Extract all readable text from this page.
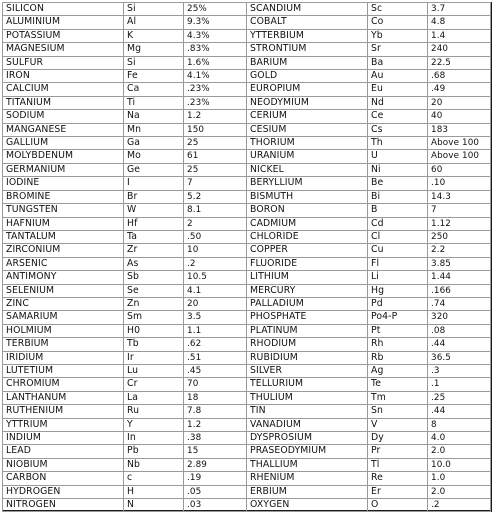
SILICON	Si	25%	SCANDIUM	Sc	3.7
ALUMINIUM	Al	9.3%	COBALT	Co	4.8
POTASSIUM	K	4.3%	YTTERBIUM	Yb	1.4
MAGNESIUM	Mg	.83%	STRONTIUM	Sr	240
SULFUR	Si	1.6%	BARIUM	Ba	22.5
IRON	Fe	4.1%	GOLD	Au	.68
CALCIUM	Ca	.23%	EUROPIUM	Eu	.49
TITANIUM	Ti	.23%	NEODYMIUM	Nd	20
SODIUM	Na	1.2	CERIUM	Ce	40
MANGANESE	Mn	150	CESIUM	Cs	183
GALLIUM	Ga	25	THORIUM	Th	Above 100
MOLYBDENUM	Mo	61	URANIUM	U	Above 100
GERMANIUM	Ge	25	NICKEL	Ni	60
IODINE	I	7	BERYLLIUM	Be	.10
BROMINE	Br	5.2	BISMUTH	Bi	14.3
TUNGSTEN	W	8.1	BORON	B	7
HAFNIUM	Hf	2	CADMIUM	Cd	1.12
TANTALUM	Ta	.50	CHLORIDE	Cl	250
ZIRCONIUM	Zr	10	COPPER	Cu	2.2
ARSENIC	As	.2	FLUORIDE	Fl	3.85
ANTIMONY	Sb	10.5	LITHIUM	Li	1.44
SELENIUM	Se	4.1	MERCURY	Hg	.166
ZINC	Zn	20	PALLADIUM	Pd	.74
SAMARIUM	Sm	3.5	PHOSPHATE	Po4-P	320
HOLMIUM	H0	1.1	PLATINUM	Pt	.08
TERBIUM	Tb	.62	RHODIUM	Rh	.44
IRIDIUM	Ir	.51	RUBIDIUM	Rb	36.5
LUTETIUM	Lu	.45	SILVER	Ag	.3
CHROMIUM	Cr	70	TELLURIUM	Te	.1
LANTHANUM	La	18	THULIUM	Tm	.25
RUTHENIUM	Ru	7.8	TIN	Sn	.44
YTTRIUM	Y	1.2	VANADIUM	V	8
INDIUM	In	.38	DYSPROSIUM	Dy	4.0
LEAD	Pb	15	PRASEODYMIUM	Pr	2.0
NIOBIUM	Nb	2.89	THALLIUM	Tl	10.0
CARBON	c	.19	RHENIUM	Re	1.0
HYDROGEN	H	.05	ERBIUM	Er	2.0
NITROGEN	N	.03	OXYGEN	O	.2
